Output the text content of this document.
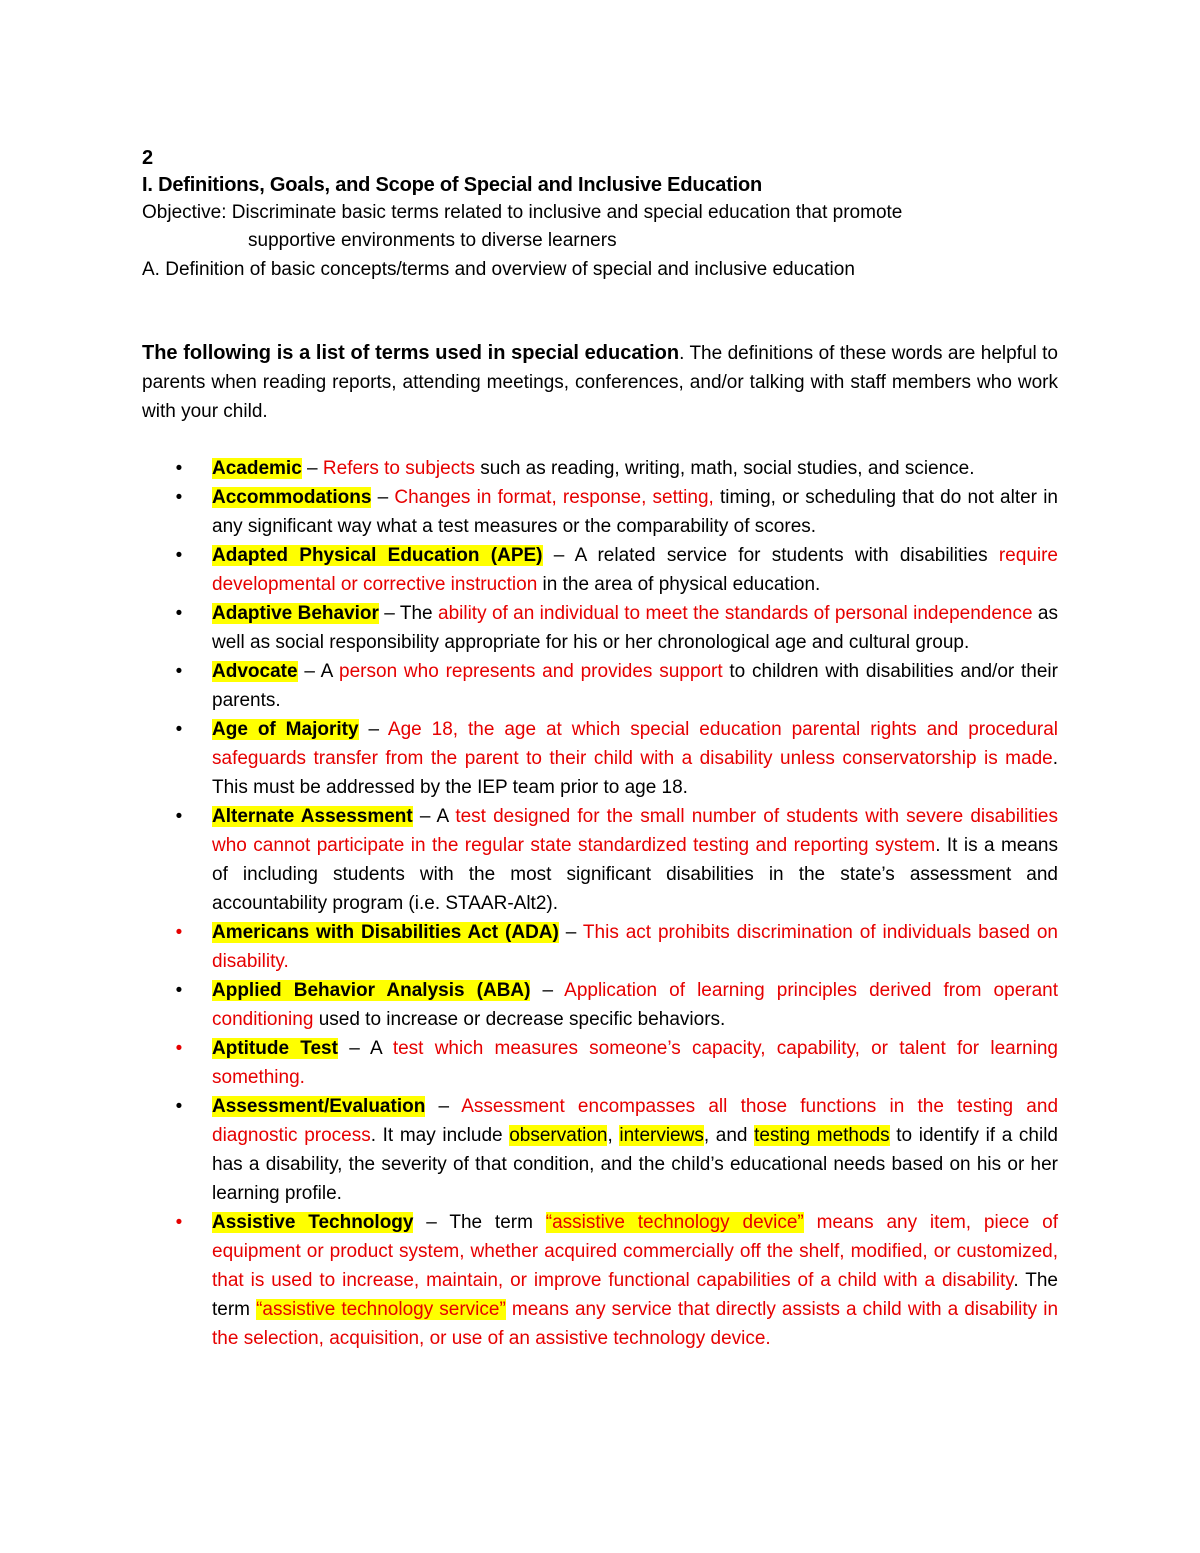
2

I. Definitions, Goals, and Scope of Special and Inclusive Education

Objective: Discriminate basic terms related to inclusive and special education that promote

supportive environments to diverse learners

A. Definition of basic concepts/terms and overview of special and inclusive education

The following is a list of terms used in special education. The definitions of these words are helpful to parents when reading reports, attending meetings, conferences, and/or talking with staff members who work with your child.

• Academic – Refers to subjects such as reading, writing, math, social studies, and science.
• Accommodations – Changes in format, response, setting, timing, or scheduling that do not alter in any significant way what a test measures or the comparability of scores.
• Adapted Physical Education (APE) – A related service for students with disabilities require developmental or corrective instruction in the area of physical education.
• Adaptive Behavior – The ability of an individual to meet the standards of personal independence as well as social responsibility appropriate for his or her chronological age and cultural group.
• Advocate – A person who represents and provides support to children with disabilities and/or their parents.
• Age of Majority – Age 18, the age at which special education parental rights and procedural safeguards transfer from the parent to their child with a disability unless conservatorship is made. This must be addressed by the IEP team prior to age 18.
• Alternate Assessment – A test designed for the small number of students with severe disabilities who cannot participate in the regular state standardized testing and reporting system. It is a means of including students with the most significant disabilities in the state’s assessment and accountability program (i.e. STAAR-Alt2).
• Americans with Disabilities Act (ADA) – This act prohibits discrimination of individuals based on disability.
• Applied Behavior Analysis (ABA) – Application of learning principles derived from operant conditioning used to increase or decrease specific behaviors.
• Aptitude Test – A test which measures someone’s capacity, capability, or talent for learning something.
• Assessment/Evaluation – Assessment encompasses all those functions in the testing and diagnostic process. It may include observation, interviews, and testing methods to identify if a child has a disability, the severity of that condition, and the child’s educational needs based on his or her learning profile.
• Assistive Technology – The term “assistive technology device” means any item, piece of equipment or product system, whether acquired commercially off the shelf, modified, or customized, that is used to increase, maintain, or improve functional capabilities of a child with a disability. The term “assistive technology service” means any service that directly assists a child with a disability in the selection, acquisition, or use of an assistive technology device.
